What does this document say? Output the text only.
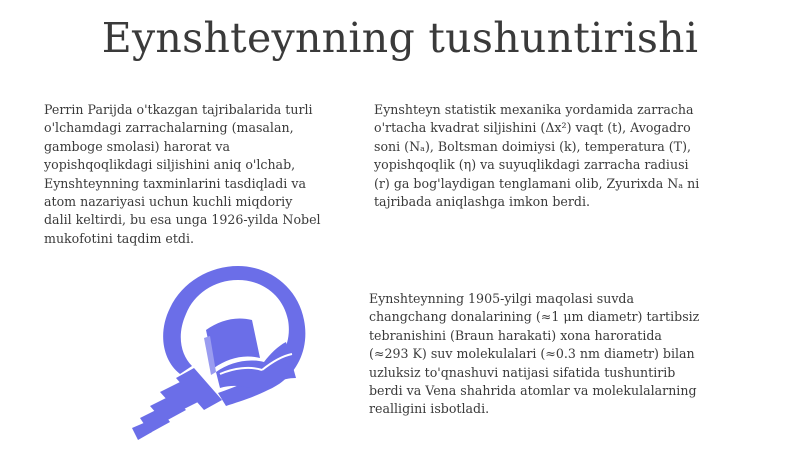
Eynshteynning tushuntirishi
Perrin Parijda o'tkazgan tajribalarida turli
o'lchamdagi zarrachalarning (masalan,
gamboge smolasi) harorat va
yopishqoqlikdagi siljishini aniq o'lchab,
Eynshteynning taxminlarini tasdiqladi va
atom nazariyasi uchun kuchli miqdoriy
dalil keltirdi, bu esa unga 1926-yilda Nobel
mukofotini taqdim etdi.
Eynshteyn statistik mexanika yordamida zarracha
o'rtacha kvadrat siljishini (Δx²) vaqt (t), Avogadro
soni (Nₐ), Boltsman doimiysi (k), temperatura (T),
yopishqoqlik (η) va suyuqlikdagi zarracha radiusi
(r) ga bog'laydigan tenglamani olib, Zyurixda Nₐ ni
tajribada aniqlashga imkon berdi.
Eynshteynning 1905-yilgi maqolasi suvda
changchang donalarining (≈1 μm diametr) tartibsiz
tebranishini (Braun harakati) xona haroratida
(≈293 K) suv molekulalari (≈0.3 nm diametr) bilan
uzluksiz to'qnashuvi natijasi sifatida tushuntirib
berdi va Vena shahrida atomlar va molekulalarning
realligini isbotladi.
